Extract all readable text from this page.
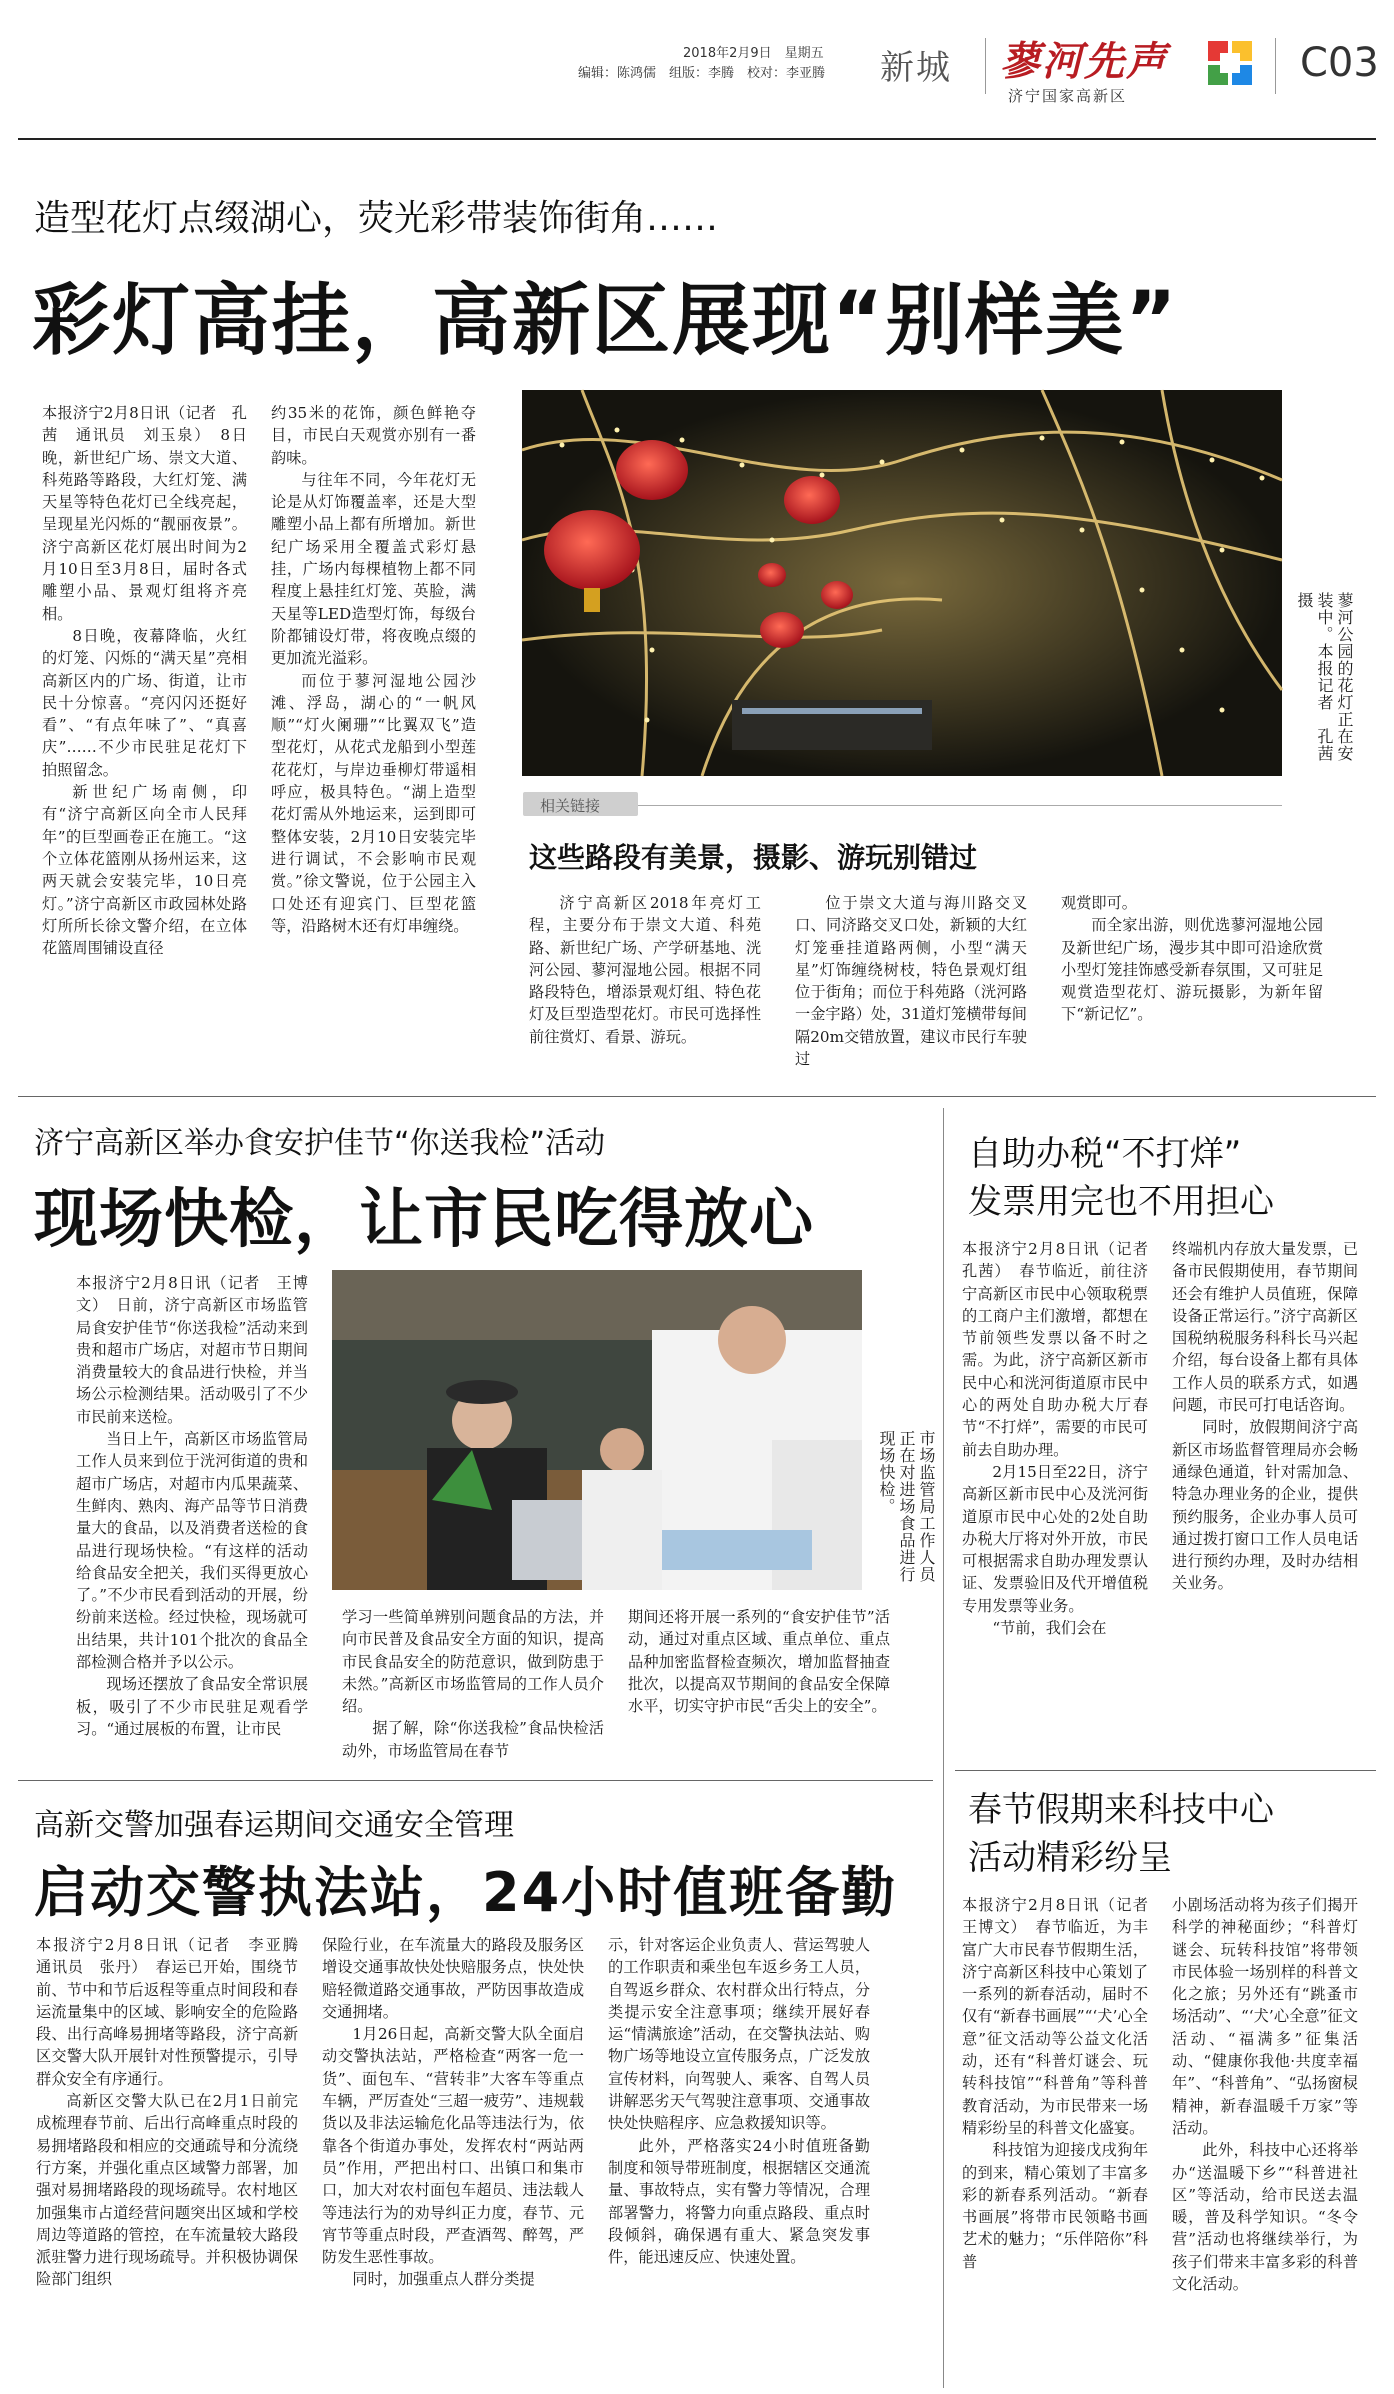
2018年2月9日　星期五
编辑：陈鸿儒　组版：李腾　校对：李亚腾 新城 蓼河先声
济宁国家高新区
C03
造型花灯点缀湖心，荧光彩带装饰街角……
彩灯高挂，高新区展现“别样美”

本报济宁2月8日讯（记者　孔茜　通讯员　刘玉泉）　8日晚，新世纪广场、崇文大道、科苑路等路段，大红灯笼、满天星等特色花灯已全线亮起，呈现星光闪烁的“靓丽夜景”。济宁高新区花灯展出时间为2月10日至3月8日，届时各式雕塑小品、景观灯组将齐亮相。

8日晚，夜幕降临，火红的灯笼、闪烁的“满天星”亮相高新区内的广场、街道，让市民十分惊喜。“亮闪闪还挺好看”、“有点年味了”、“真喜庆”……不少市民驻足花灯下拍照留念。

新世纪广场南侧，印有“济宁高新区向全市人民拜年”的巨型画卷正在施工。“这个立体花篮刚从扬州运来，这两天就会安装完毕，10日亮灯。”济宁高新区市政园林处路灯所所长徐文警介绍，在立体花篮周围铺设直径

约35米的花饰，颜色鲜艳夺目，市民白天观赏亦别有一番韵味。

与往年不同，今年花灯无论是从灯饰覆盖率，还是大型雕塑小品上都有所增加。新世纪广场采用全覆盖式彩灯悬挂，广场内每棵植物上都不同程度上悬挂红灯笼、英脸，满天星等LED造型灯饰，每级台阶都铺设灯带，将夜晚点缀的更加流光溢彩。

而位于蓼河湿地公园沙滩、浮岛，湖心的“一帆风顺”“灯火阑珊”“比翼双飞”造型花灯，从花式龙船到小型莲花花灯，与岸边垂柳灯带遥相呼应，极具特色。“湖上造型花灯需从外地运来，运到即可整体安装，2月10日安装完毕进行调试，不会影响市民观赏。”徐文警说，位于公园主入口处还有迎宾门、巨型花篮等，沿路树木还有灯串缠绕。

蓼河公园的花灯正在安装中。本报记者　孔茜　摄
相关链接
这些路段有美景，摄影、游玩别错过

济宁高新区2018年亮灯工程，主要分布于崇文大道、科苑路、新世纪广场、产学研基地、洸河公园、蓼河湿地公园。根据不同路段特色，增添景观灯组、特色花灯及巨型造型花灯。市民可选择性前往赏灯、看景、游玩。

位于崇文大道与海川路交叉口、同济路交叉口处，新颖的大红灯笼垂挂道路两侧，小型“满天星”灯饰缠绕树枝，特色景观灯组位于街角；而位于科苑路（洸河路一金宇路）处，31道灯笼横带每间隔20m交错放置，建议市民行车驶过

观赏即可。

而全家出游，则优选蓼河湿地公园及新世纪广场，漫步其中即可沿途欣赏小型灯笼挂饰感受新春氛围，又可驻足观赏造型花灯、游玩摄影，为新年留下“新记忆”。

济宁高新区举办食安护佳节“你送我检”活动
现场快检，让市民吃得放心

本报济宁2月8日讯（记者　王博文）　日前，济宁高新区市场监管局食安护佳节“你送我检”活动来到贵和超市广场店，对超市节日期间消费量较大的食品进行快检，并当场公示检测结果。活动吸引了不少市民前来送检。

当日上午，高新区市场监管局工作人员来到位于洸河街道的贵和超市广场店，对超市内瓜果蔬菜、生鲜肉、熟肉、海产品等节日消费量大的食品，以及消费者送检的食品进行现场快检。“有这样的活动给食品安全把关，我们买得更放心了。”不少市民看到活动的开展，纷纷前来送检。经过快检，现场就可出结果，共计101个批次的食品全部检测合格并予以公示。

现场还摆放了食品安全常识展板，吸引了不少市民驻足观看学习。“通过展板的布置，让市民

市场监管局工作人员正在对进场食品进行现场快检。

学习一些简单辨别问题食品的方法，并向市民普及食品安全方面的知识，提高市民食品安全的防范意识，做到防患于未然。”高新区市场监管局的工作人员介绍。

据了解，除“你送我检”食品快检活动外，市场监管局在春节

期间还将开展一系列的“食安护佳节”活动，通过对重点区域、重点单位、重点品种加密监督检查频次，增加监督抽查批次，以提高双节期间的食品安全保障水平，切实守护市民“舌尖上的安全”。

自助办税“不打烊”
发票用完也不用担心

本报济宁2月8日讯（记者　孔茜）　春节临近，前往济宁高新区市民中心领取税票的工商户主们激增，都想在节前领些发票以备不时之需。为此，济宁高新区新市民中心和洸河街道原市民中心的两处自助办税大厅春节“不打烊”，需要的市民可前去自助办理。

2月15日至22日，济宁高新区新市民中心及洸河街道原市民中心处的2处自助办税大厅将对外开放，市民可根据需求自助办理发票认证、发票验旧及代开增值税专用发票等业务。

“节前，我们会在

终端机内存放大量发票，已备市民假期使用，春节期间还会有维护人员值班，保障设备正常运行。”济宁高新区国税纳税服务科科长马兴起介绍，每台设备上都有具体工作人员的联系方式，如遇问题，市民可打电话咨询。

同时，放假期间济宁高新区市场监督管理局亦会畅通绿色通道，针对需加急、特急办理业务的企业，提供预约服务，企业办事人员可通过拨打窗口工作人员电话进行预约办理，及时办结相关业务。

高新交警加强春运期间交通安全管理
启动交警执法站，24小时值班备勤

本报济宁2月8日讯（记者　李亚腾　通讯员　张丹）　春运已开始，围绕节前、节中和节后返程等重点时间段和春运流量集中的区域、影响安全的危险路段、出行高峰易拥堵等路段，济宁高新区交警大队开展针对性预警提示，引导群众安全有序通行。

高新区交警大队已在2月1日前完成梳理春节前、后出行高峰重点时段的易拥堵路段和相应的交通疏导和分流绕行方案，并强化重点区域警力部署，加强对易拥堵路段的现场疏导。农村地区加强集市占道经营问题突出区域和学校周边等道路的管控，在车流量较大路段派驻警力进行现场疏导。并积极协调保险部门组织

保险行业，在车流量大的路段及服务区增设交通事故快处快赔服务点，快处快赔轻微道路交通事故，严防因事故造成交通拥堵。

1月26日起，高新交警大队全面启动交警执法站，严格检查“两客一危一货”、面包车、“营转非”大客车等重点车辆，严厉查处“三超一疲劳”、违规载货以及非法运输危化品等违法行为，依靠各个街道办事处，发挥农村“两站两员”作用，严把出村口、出镇口和集市口，加大对农村面包车超员、违法载人等违法行为的劝导纠正力度，春节、元宵节等重点时段，严查酒驾、醉驾，严防发生恶性事故。

同时，加强重点人群分类提

示，针对客运企业负责人、营运驾驶人的工作职责和乘坐包车返乡务工人员，自驾返乡群众、农村群众出行特点，分类提示安全注意事项；继续开展好春运“情满旅途”活动，在交警执法站、购物广场等地设立宣传服务点，广泛发放宣传材料，向驾驶人、乘客、自驾人员讲解恶劣天气驾驶注意事项、交通事故快处快赔程序、应急救援知识等。

此外，严格落实24小时值班备勤制度和领导带班制度，根据辖区交通流量、事故特点，实有警力等情况，合理部署警力，将警力向重点路段、重点时段倾斜，确保遇有重大、紧急突发事件，能迅速反应、快速处置。

春节假期来科技中心
活动精彩纷呈

本报济宁2月8日讯（记者　王博文）　春节临近，为丰富广大市民春节假期生活，济宁高新区科技中心策划了一系列的新春活动，届时不仅有“新春书画展”“‘犬’心全意”征文活动等公益文化活动，还有“科普灯谜会、玩转科技馆”“科普角”等科普教育活动，为市民带来一场精彩纷呈的科普文化盛宴。

科技馆为迎接戊戌狗年的到来，精心策划了丰富多彩的新春系列活动。“新春书画展”将带市民领略书画艺术的魅力；“乐伴陪你”科普

小剧场活动将为孩子们揭开科学的神秘面纱；“科普灯谜会、玩转科技馆”将带领市民体验一场别样的科普文化之旅；另外还有“跳蚤市场活动”、“‘犬’心全意”征文活动、“福满多”征集活动、“健康你我他·共度幸福年”、“科普角”、“弘扬窗棂精神，新春温暖千万家”等活动。

此外，科技中心还将举办“送温暖下乡”“科普进社区”等活动，给市民送去温暖，普及科学知识。“冬令营”活动也将继续举行，为孩子们带来丰富多彩的科普文化活动。
